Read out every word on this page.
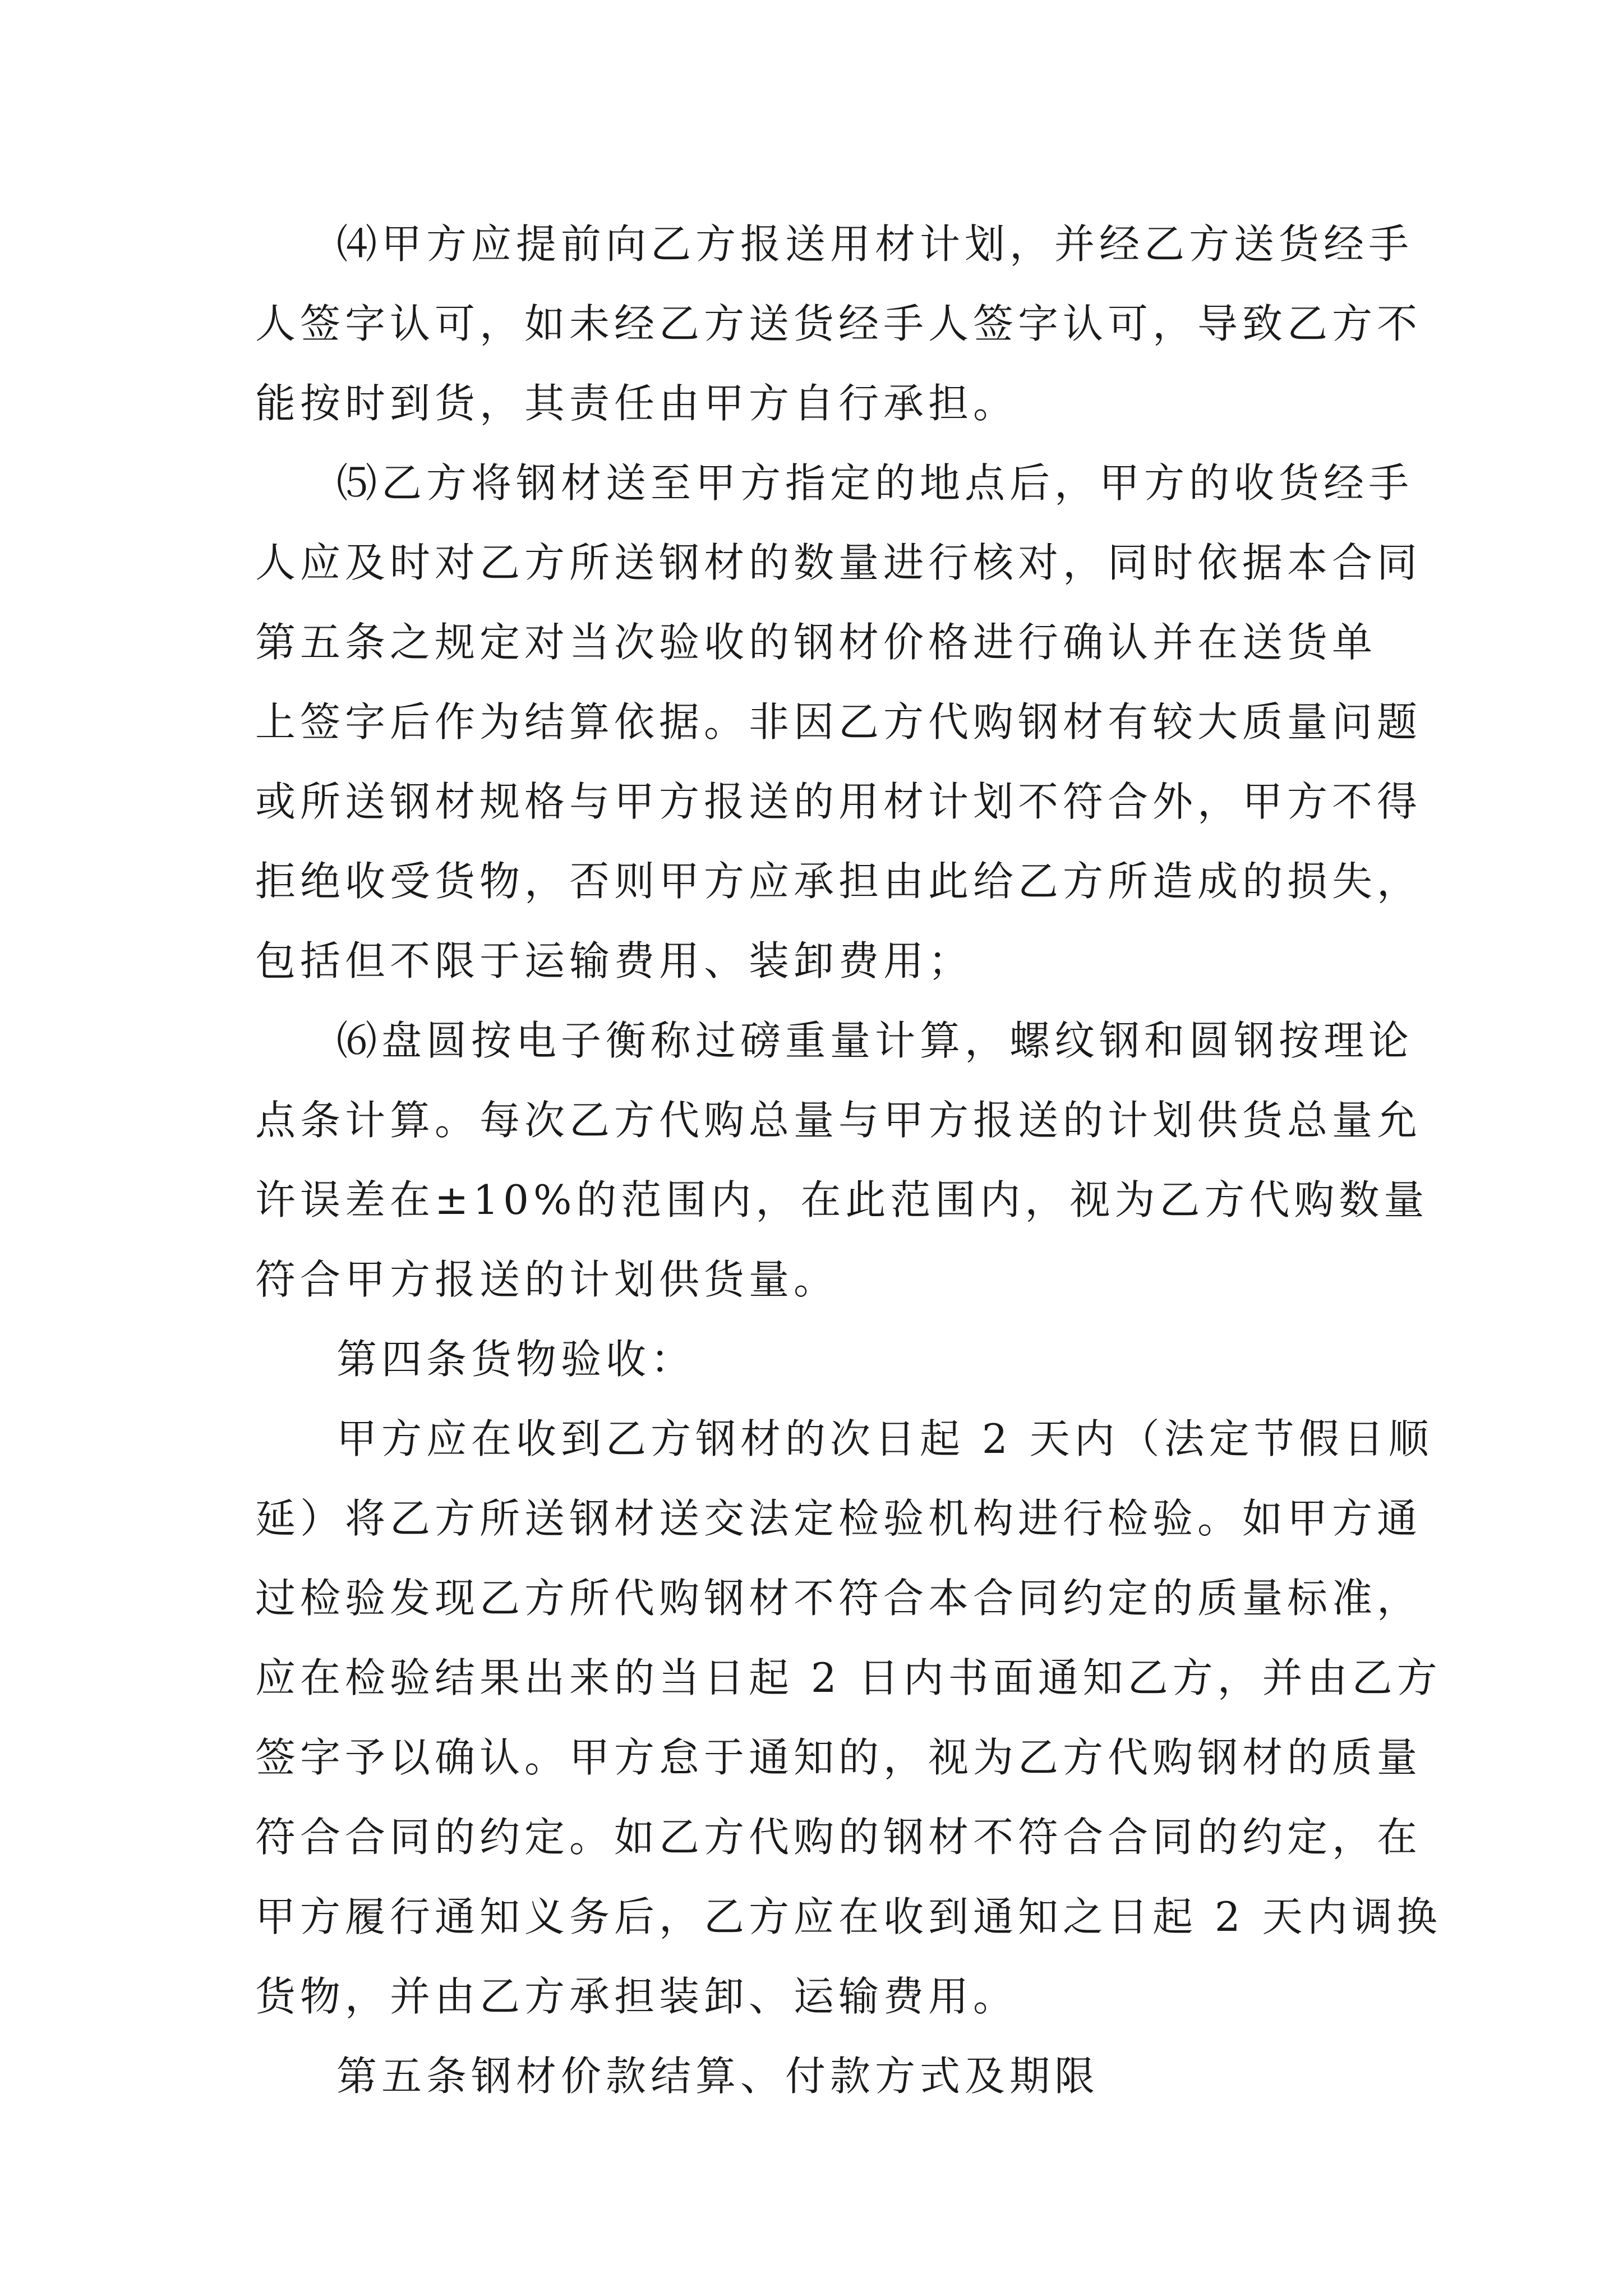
⑷甲方应提前向乙方报送用材计划，并经乙方送货经手
人签字认可，如未经乙方送货经手人签字认可，导致乙方不
能按时到货，其责任由甲方自行承担。
⑸乙方将钢材送至甲方指定的地点后，甲方的收货经手
人应及时对乙方所送钢材的数量进行核对，同时依据本合同
第五条之规定对当次验收的钢材价格进行确认并在送货单
上签字后作为结算依据。非因乙方代购钢材有较大质量问题
或所送钢材规格与甲方报送的用材计划不符合外，甲方不得
拒绝收受货物，否则甲方应承担由此给乙方所造成的损失，
包括但不限于运输费用、装卸费用；
⑹盘圆按电子衡称过磅重量计算，螺纹钢和圆钢按理论
点条计算。每次乙方代购总量与甲方报送的计划供货总量允
许误差在±10%的范围内，在此范围内，视为乙方代购数量
符合甲方报送的计划供货量。
第四条货物验收：
甲方应在收到乙方钢材的次日起 2 天内（法定节假日顺
延）将乙方所送钢材送交法定检验机构进行检验。如甲方通
过检验发现乙方所代购钢材不符合本合同约定的质量标准，
应在检验结果出来的当日起 2 日内书面通知乙方，并由乙方
签字予以确认。甲方怠于通知的，视为乙方代购钢材的质量
符合合同的约定。如乙方代购的钢材不符合合同的约定，在
甲方履行通知义务后，乙方应在收到通知之日起 2 天内调换
货物，并由乙方承担装卸、运输费用。
第五条钢材价款结算、付款方式及期限
